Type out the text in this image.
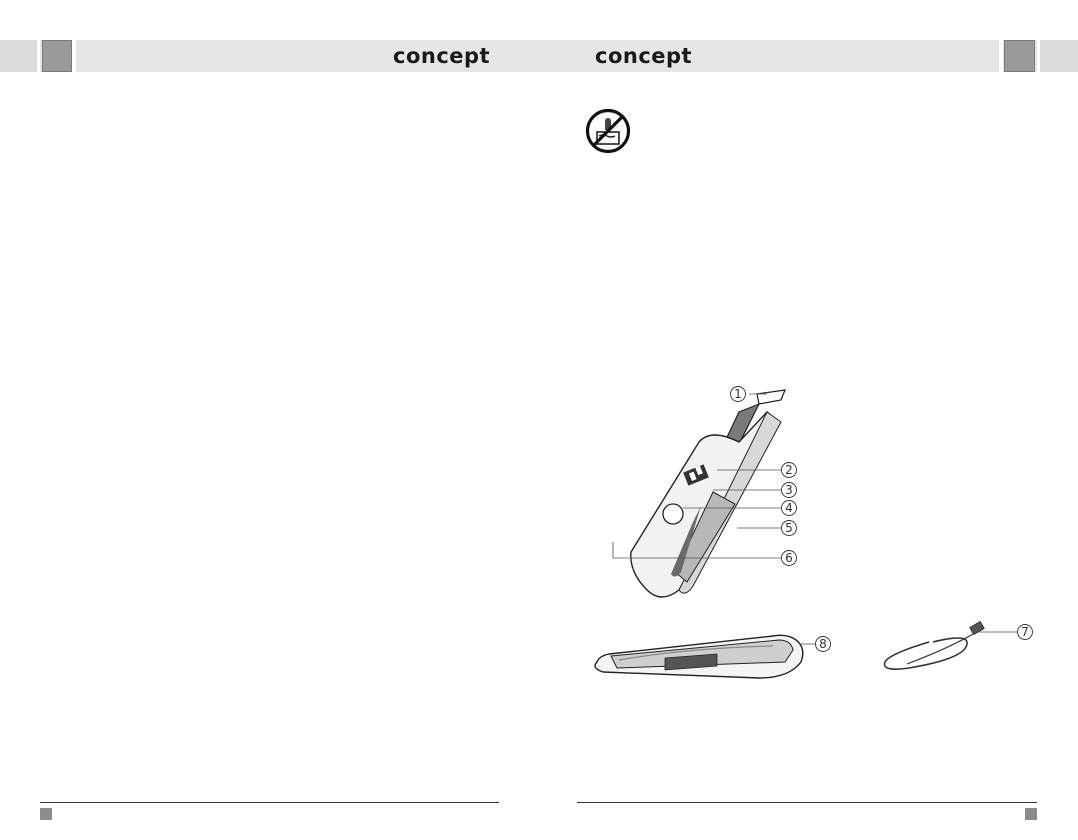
concept	concept
1
2
3
4
5
6
7
8
